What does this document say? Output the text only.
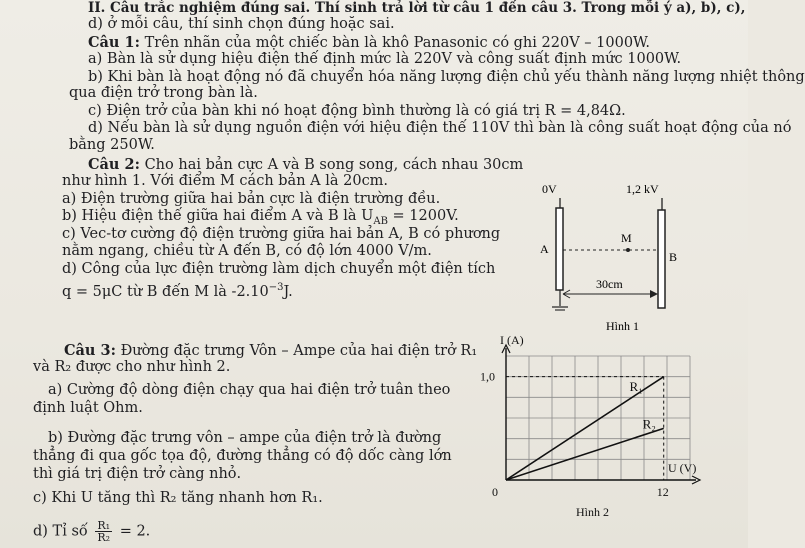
II. Câu trắc nghiệm đúng sai. Thí sinh trả lời từ câu 1 đến câu 3. Trong mỗi ý a), b), c),
d) ở mỗi câu, thí sinh chọn đúng hoặc sai.
Câu 1: Trên nhãn của một chiếc bàn là khô Panasonic có ghi 220V – 1000W.
a) Bàn là sử dụng hiệu điện thế định mức là 220V và công suất định mức 1000W.
b) Khi bàn là hoạt động nó đã chuyển hóa năng lượng điện chủ yếu thành năng lượng nhiệt thông
qua điện trở trong bàn là.
c) Điện trở của bàn khi nó hoạt động bình thường là có giá trị R = 4,84Ω.
d) Nếu bàn là sử dụng nguồn điện với hiệu điện thế 110V thì bàn là công suất hoạt động của nó
bằng 250W.
Câu 2: Cho hai bản cực A và B song song, cách nhau 30cm
như hình 1. Với điểm M cách bản A là 20cm.
a) Điện trường giữa hai bản cực là điện trường đều.
b) Hiệu điện thế giữa hai điểm A và B là $U_{AB} = 1200V$.
c) Vec-tơ cường độ điện trường giữa hai bản A, B có phương
nằm ngang, chiều từ A đến B, có độ lớn 4000 V/m.
d) Công của lực điện trường làm dịch chuyển một điện tích
q = 5μC từ B đến M là $-2.10^{-3}J$.
Câu 3: Đường đặc trưng Vôn – Ampe của hai điện trở R₁
và R₂ được cho như hình 2.
a) Cường độ dòng điện chạy qua hai điện trở tuân theo
định luật Ohm.
b) Đường đặc trưng vôn – ampe của điện trở là đường
thẳng đi qua gốc tọa độ, đường thẳng có độ dốc càng lớn
thì giá trị điện trở càng nhỏ.
c) Khi U tăng thì R₂ tăng nhanh hơn R₁.
d) Tỉ số $\frac{\text{R₁}}{\text{R₂}} = 2$.
0V	1,2 kV
A
B
M
30cm
Hình 1
I (A)
U (V)
1,0
12
0
R₁
R₂
Hình 2
